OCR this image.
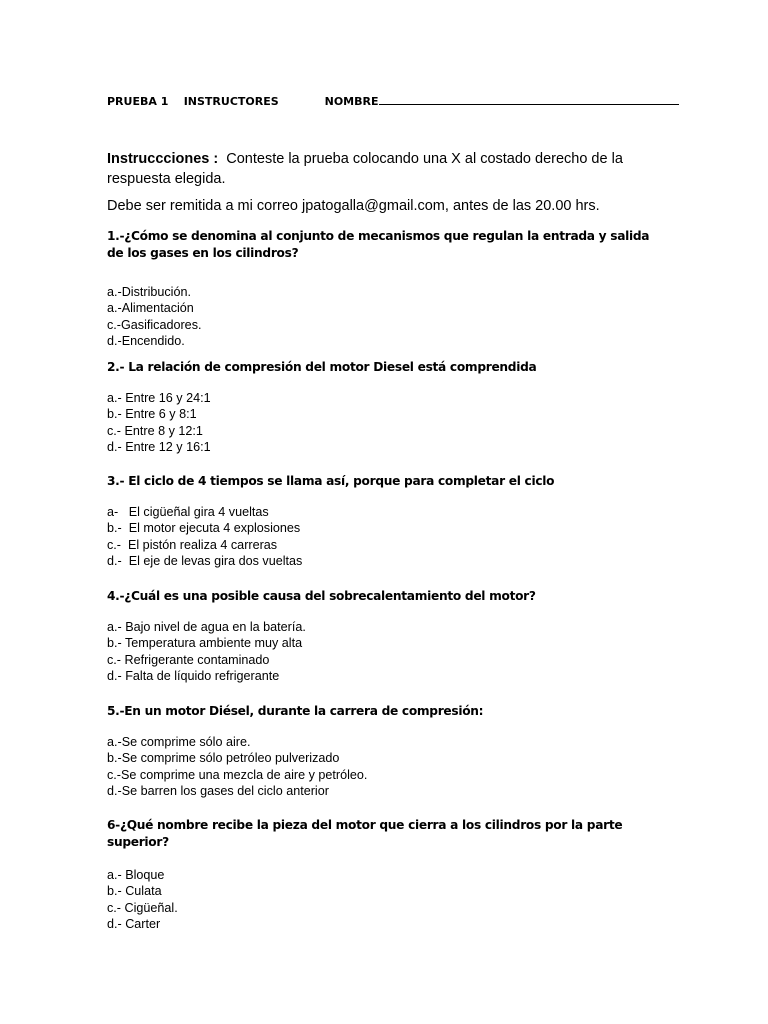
PRUEBA 1 INSTRUCTORES	NOMBRE
Instruccciones : Conteste la prueba colocando una X al costado derecho de la respuesta elegida.
Debe ser remitida a mi correo jpatogalla@gmail.com, antes de las 20.00 hrs.

1.-¿Cómo se denomina al conjunto de mecanismos que regulan la entrada y salida de los gases en los cilindros?

a.-Distribución.
a.-Alimentación
c.-Gasificadores.
d.-Encendido.

2.- La relación de compresión del motor Diesel está comprendida

a.- Entre 16 y 24:1
b.- Entre 6 y 8:1
c.- Entre 8 y 12:1
d.- Entre 12 y 16:1

3.- El ciclo de 4 tiempos se llama así, porque para completar el ciclo

a-   El cigüeñal gira 4 vueltas
b.-  El motor ejecuta 4 explosiones
c.-  El pistón realiza 4 carreras
d.-  El eje de levas gira dos vueltas

4.-¿Cuál es una posible causa del sobrecalentamiento del motor?

a.- Bajo nivel de agua en la batería.
b.- Temperatura ambiente muy alta
c.- Refrigerante contaminado
d.- Falta de líquido refrigerante

5.-En un motor Diésel, durante la carrera de compresión:

a.-Se comprime sólo aire.
b.-Se comprime sólo petróleo pulverizado
c.-Se comprime una mezcla de aire y petróleo.
d.-Se barren los gases del ciclo anterior

6-¿Qué nombre recibe la pieza del motor que cierra a los cilindros por la parte superior?

a.- Bloque
b.- Culata
c.- Cigüeñal.
d.- Carter
